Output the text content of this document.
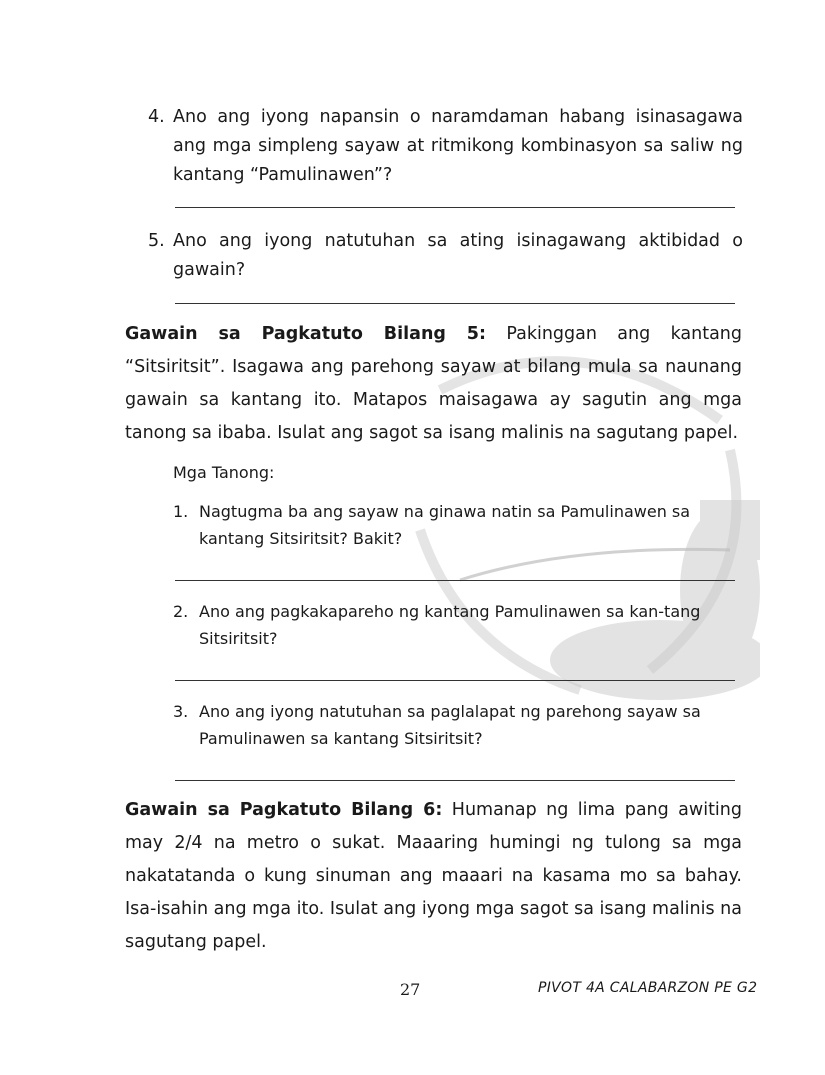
4. Ano ang iyong napansin o naramdaman habang isinasagawa ang mga simpleng sayaw at ritmikong kombinasyon sa saliw ng kantang “Pamulinawen”?
5. Ano ang iyong natutuhan sa ating isinagawang aktibidad o gawain?
Gawain sa Pagkatuto Bilang 5: Pakinggan ang kantang “Sitsiritsit”. Isagawa ang parehong sayaw at bilang mula sa naunang gawain sa kantang ito. Matapos maisagawa ay sagutin ang mga tanong sa ibaba. Isulat ang sagot sa isang malinis na sagutang papel.
Mga Tanong:
1. Nagtugma ba ang sayaw na ginawa natin sa Pamulinawen sa kantang Sitsiritsit? Bakit?
2. Ano ang pagkakapareho ng kantang Pamulinawen sa kan-tang Sitsiritsit?
3. Ano ang iyong natutuhan sa paglalapat ng parehong sayaw sa Pamulinawen sa kantang Sitsiritsit?
Gawain sa Pagkatuto Bilang 6: Humanap ng lima pang awiting may 2/4 na metro o sukat. Maaaring humingi ng tulong sa mga nakatatanda o kung sinuman ang maaari na kasama mo sa bahay. Isa-isahin ang mga ito. Isulat ang iyong mga sagot sa isang malinis na sagutang papel.
27	PIVOT 4A CALABARZON PE G2
